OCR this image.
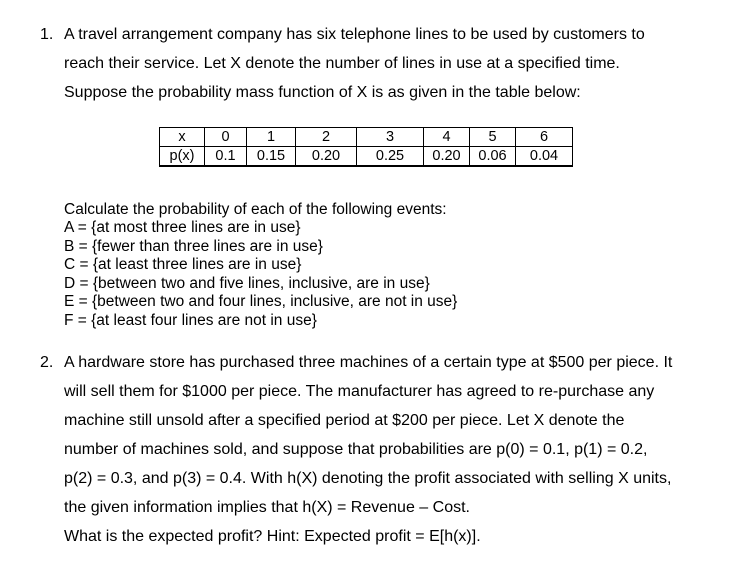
1. A travel arrangement company has six telephone lines to be used by customers to
reach their service. Let X denote the number of lines in use at a specified time.
Suppose the probability mass function of X is as given in the table below:
x	0	1	2	3	4	5	6
p(x)	0.1	0.15	0.20	0.25	0.20	0.06	0.04
Calculate the probability of each of the following events:
A = {at most three lines are in use}
B = {fewer than three lines are in use}
C = {at least three lines are in use}
D = {between two and five lines, inclusive, are in use}
E = {between two and four lines, inclusive, are not in use}
F = {at least four lines are not in use}
2. A hardware store has purchased three machines of a certain type at $500 per piece. It
will sell them for $1000 per piece. The manufacturer has agreed to re-purchase any
machine still unsold after a specified period at $200 per piece. Let X denote the
number of machines sold, and suppose that probabilities are p(0) = 0.1, p(1) = 0.2,
p(2) = 0.3, and p(3) = 0.4. With h(X) denoting the profit associated with selling X units,
the given information implies that h(X) = Revenue – Cost.
What is the expected profit? Hint: Expected profit = E[h(x)].
